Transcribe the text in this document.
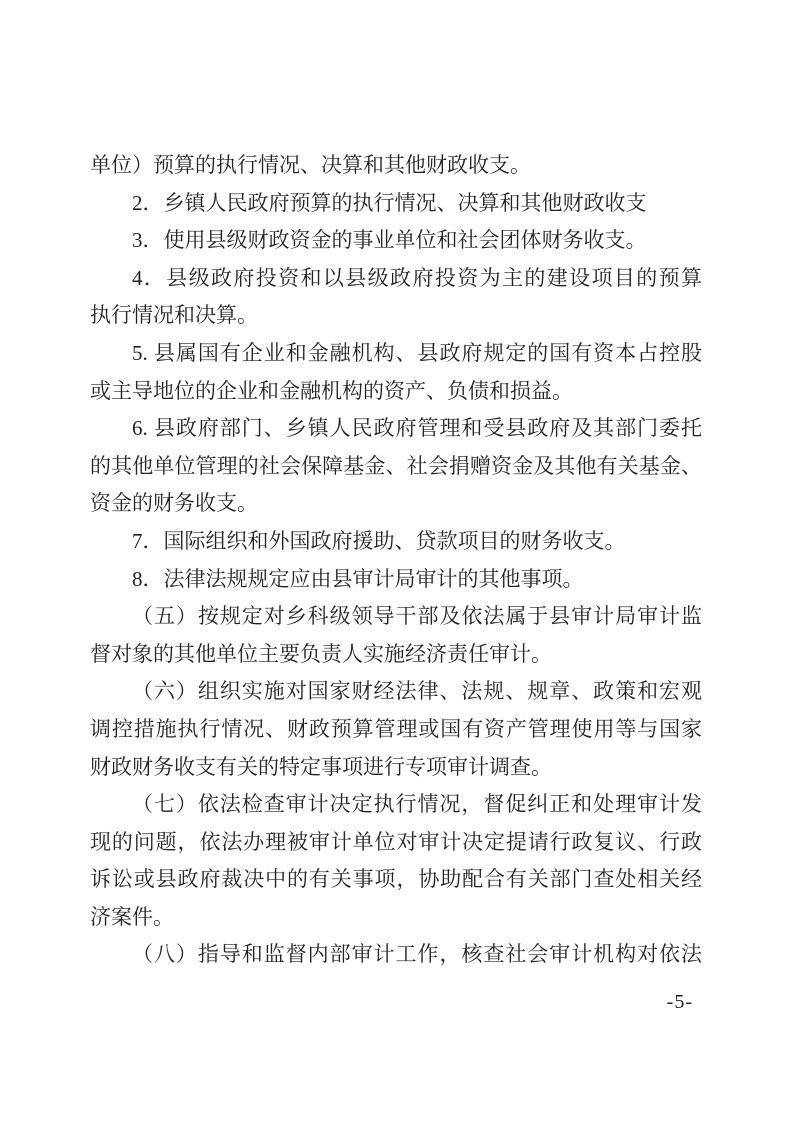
单位）预算的执行情况、决算和其他财政收支。
2．乡镇人民政府预算的执行情况、决算和其他财政收支
3．使用县级财政资金的事业单位和社会团体财务收支。
4．县级政府投资和以县级政府投资为主的建设项目的预算
执行情况和决算。
5. 县属国有企业和金融机构、县政府规定的国有资本占控股
或主导地位的企业和金融机构的资产、负债和损益。
6. 县政府部门、乡镇人民政府管理和受县政府及其部门委托
的其他单位管理的社会保障基金、社会捐赠资金及其他有关基金、
资金的财务收支。
7．国际组织和外国政府援助、贷款项目的财务收支。
8．法律法规规定应由县审计局审计的其他事项。
（五）按规定对乡科级领导干部及依法属于县审计局审计监
督对象的其他单位主要负责人实施经济责任审计。
（六）组织实施对国家财经法律、法规、规章、政策和宏观
调控措施执行情况、财政预算管理或国有资产管理使用等与国家
财政财务收支有关的特定事项进行专项审计调查。
（七）依法检查审计决定执行情况，督促纠正和处理审计发
现的问题，依法办理被审计单位对审计决定提请行政复议、行政
诉讼或县政府裁决中的有关事项，协助配合有关部门查处相关经
济案件。
（八）指导和监督内部审计工作，核查社会审计机构对依法
-5-
